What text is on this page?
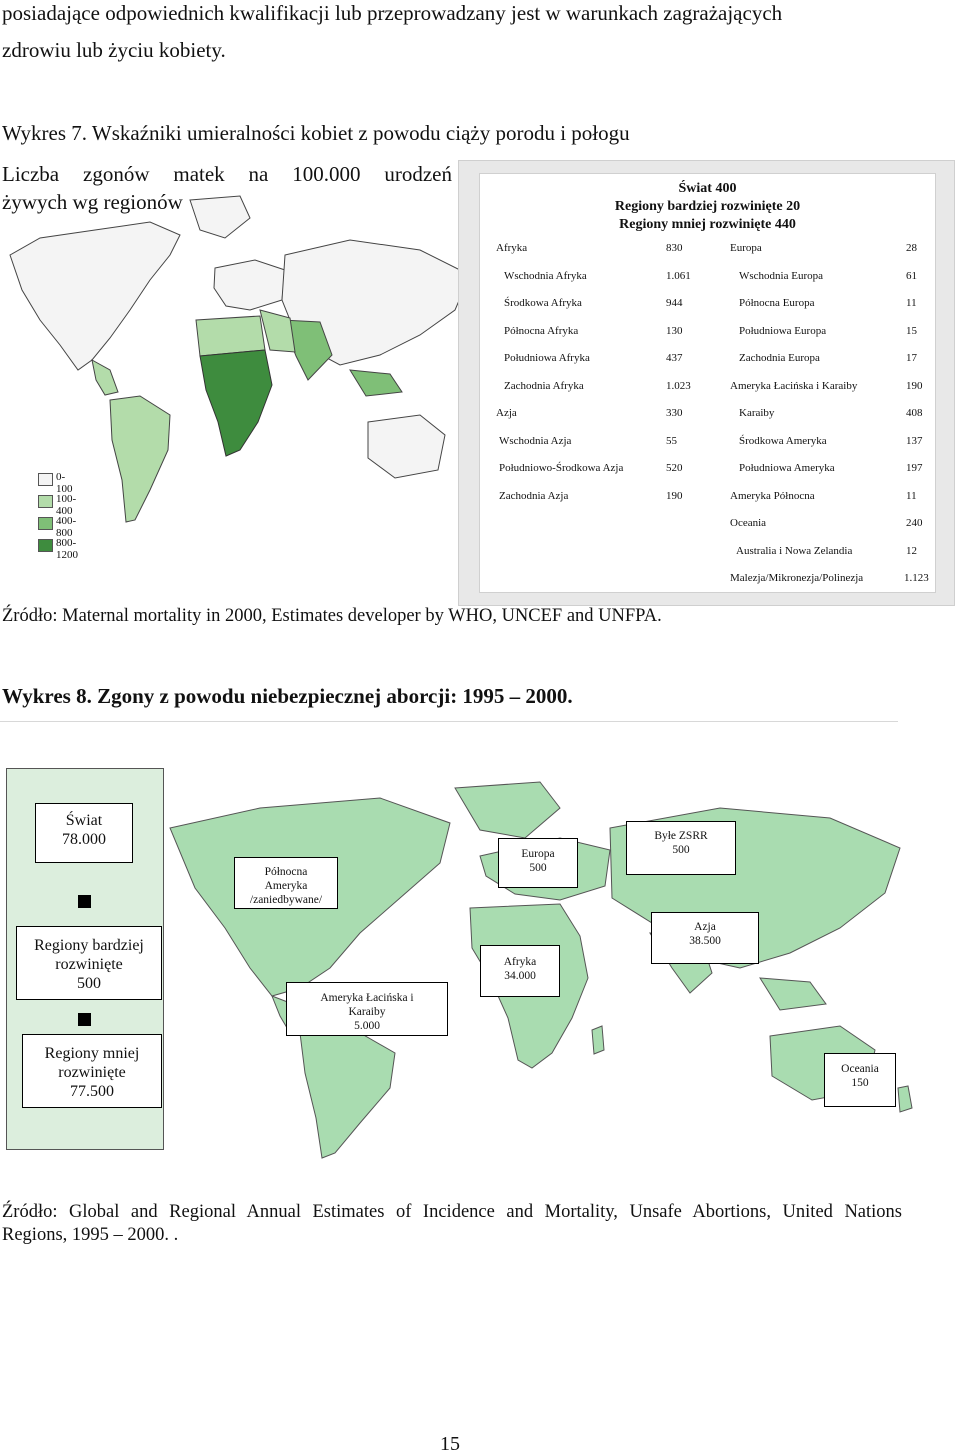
posiadające odpowiednich kwalifikacji lub przeprowadzany jest w warunkach zagrażających
zdrowiu lub życiu kobiety.
Wykres 7. Wskaźniki umieralności kobiet z powodu ciąży porodu i połogu
Liczba zgonów matek na 100.000 urodzeń
żywych wg regionów
0-100
100-400
400-800
800-1200
Świat 400
Regiony bardziej rozwinięte 20
Regiony mniej rozwinięte 440
Afryka	830	Europa	28
Wschodnia Afryka	1.061	Wschodnia Europa	61
Środkowa Afryka	944	Północna Europa	11
Północna Afryka	130	Południowa Europa	15
Południowa Afryka	437	Zachodnia Europa	17
Zachodnia Afryka	1.023	Ameryka Łacińska i Karaiby	190
Azja	330	Karaiby	408
Wschodnia Azja	55	Środkowa Ameryka	137
Południowo-Środkowa Azja	520	Południowa Ameryka	197
Zachodnia Azja	190	Ameryka Północna	11
Oceania	240
Australia i Nowa Zelandia	12
Malezja/Mikronezja/Polinezja	1.123
Źródło: Maternal mortality in 2000, Estimates developer by WHO, UNCEF and UNFPA.
Wykres 8. Zgony z powodu niebezpiecznej aborcji: 1995 – 2000.
Świat
78.000
Regiony bardziej
rozwinięte
500
Regiony mniej
rozwinięte
77.500
Północna
Ameryka
/zaniedbywane/
Ameryka Łacińska i
Karaiby
5.000
Europa
500
Byłe ZSRR
500
Azja
38.500
Afryka
34.000
Oceania
150
Źródło: Global and Regional Annual Estimates of Incidence and Mortality, Unsafe Abortions, United Nations
Regions, 1995 – 2000. .
15
